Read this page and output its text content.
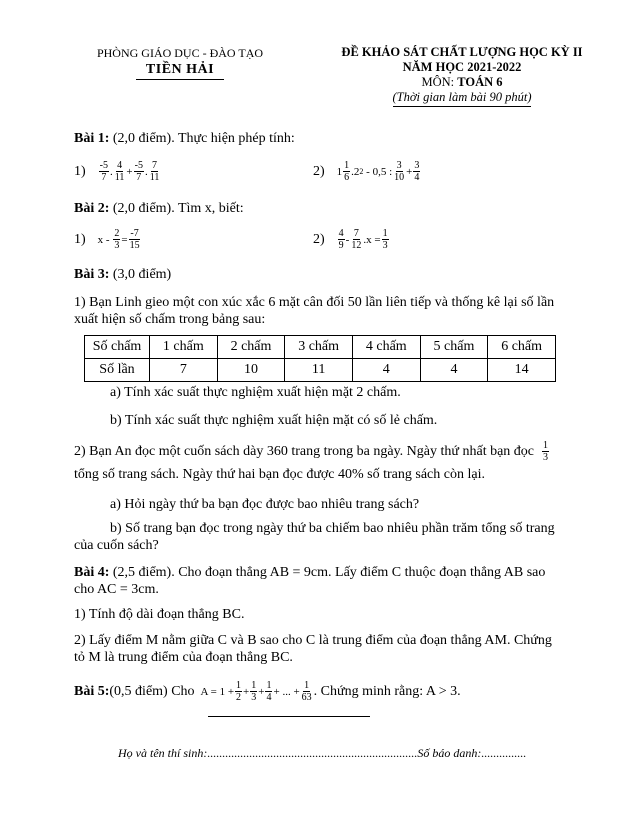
PHÒNG GIÁO DỤC - ĐÀO TẠO
TIỀN HẢI
ĐỀ KHẢO SÁT CHẤT LƯỢNG HỌC KỲ II
NĂM HỌC 2021-2022
MÔN: TOÁN 6
(Thời gian làm bài 90 phút)
Bài 1: (2,0 điểm). Thực hiện phép tính:
$1) \frac{-5}{7}$ . $\frac{4}{11} + \frac{-5}{7}$ . $\frac{7}{11}$	2) $1 \frac{1}{6} .2$ 2 - 0,5 : $\frac{3}{10} + \frac{3}{4}$
Bài 2: (2,0 điểm). Tìm x, biết:
1) $x - \frac{2}{3} = \frac{-7}{15}$	$2) \frac{4}{9} - \frac{7}{12} .x = \frac{1}{3}$
Bài 3: (3,0 điểm)
1) Bạn Linh gieo một con xúc xắc 6 mặt cân đối 50 lần liên tiếp và thống kê lại số lần
xuất hiện số chấm trong bảng sau:
Số chấm	1 chấm	2 chấm	3 chấm	4 chấm	5 chấm	6 chấm
Số lần	7	10	11	4	4	14
a) Tính xác suất thực nghiệm xuất hiện mặt 2 chấm.
b) Tính xác suất thực nghiệm xuất hiện mặt có số lẻ chấm.
2) Bạn An đọc một cuốn sách dày 360 trang trong ba ngày. Ngày thứ nhất bạn đọc $\frac{1}{3}$
tổng số trang sách. Ngày thứ hai bạn đọc được 40% số trang sách còn lại.
a) Hỏi ngày thứ ba bạn đọc được bao nhiêu trang sách?
b) Số trang bạn đọc trong ngày thứ ba chiếm bao nhiêu phần trăm tổng số trang
của cuốn sách?
Bài 4: (2,5 điểm). Cho đoạn thẳng AB = 9cm. Lấy điểm C thuộc đoạn thẳng AB sao
cho AC = 3cm.
1) Tính độ dài đoạn thẳng BC.
2) Lấy điểm M nằm giữa C và B sao cho C là trung điểm của đoạn thẳng AM. Chứng
tỏ M là trung điểm của đoạn thẳng BC.
Bài 5: (0,5 điểm) Cho $A = 1 + \frac{1}{2} + \frac{1}{3} + \frac{1}{4}$ + ... + $\frac{1}{63}$ . Chứng minh rằng: A > 3.
Họ và tên thí sinh:......................................................................Số báo danh:...............
